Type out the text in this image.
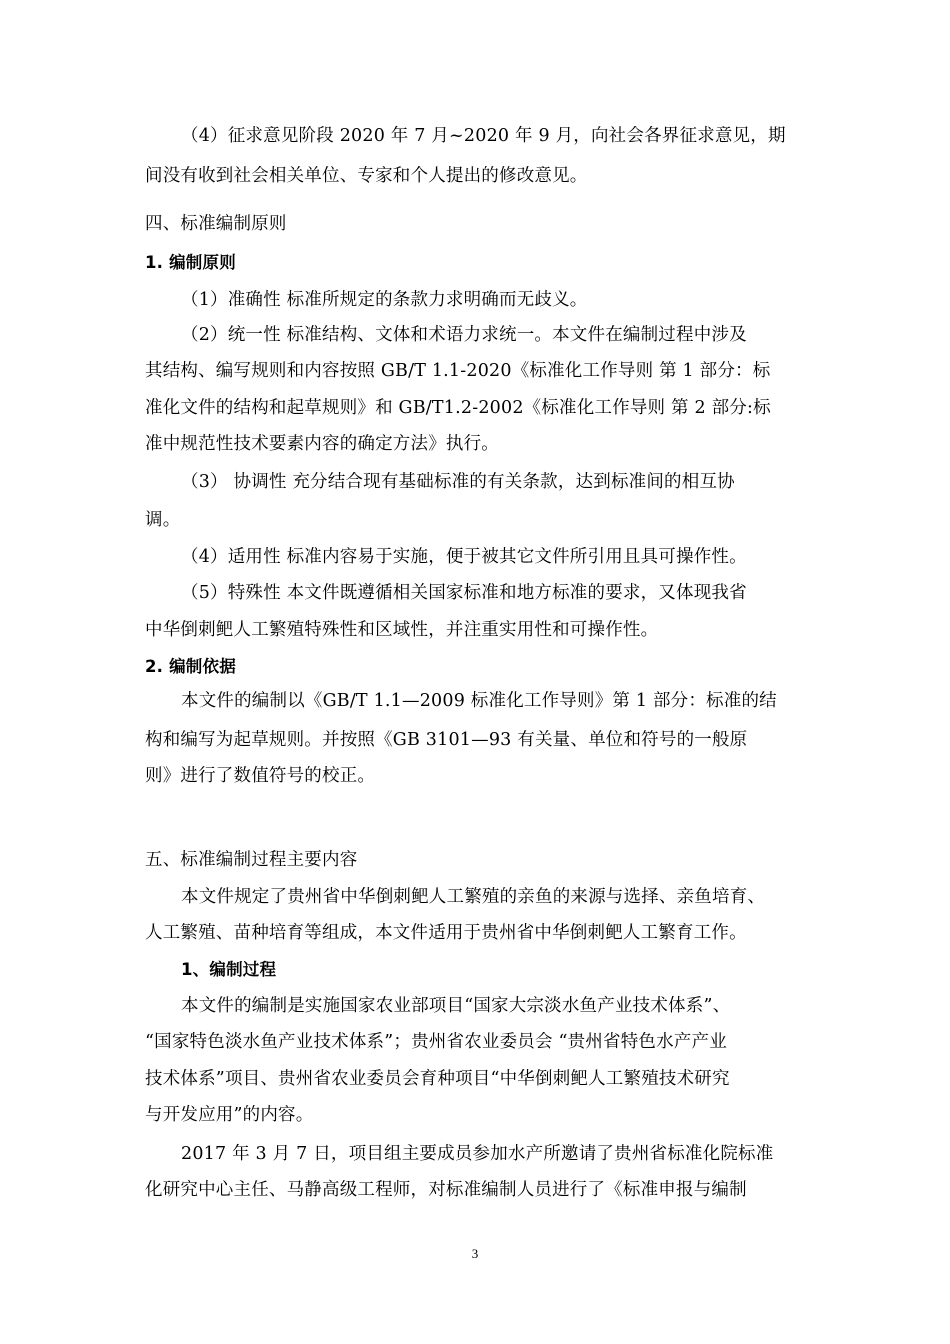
（4）征求意见阶段 2020 年 7 月~2020 年 9 月，向社会各界征求意见，期
间没有收到社会相关单位、专家和个人提出的修改意见。
四、标准编制原则
1. 编制原则
（1）准确性 标准所规定的条款力求明确而无歧义。
（2）统一性 标准结构、文体和术语力求统一。本文件在编制过程中涉及
其结构、编写规则和内容按照 GB/T 1.1-2020《标准化工作导则 第 1 部分：标
准化文件的结构和起草规则》和 GB/T1.2-2002《标准化工作导则 第 2 部分:标
准中规范性技术要素内容的确定方法》执行。
（3） 协调性 充分结合现有基础标准的有关条款，达到标准间的相互协
调。
（4）适用性 标准内容易于实施，便于被其它文件所引用且具可操作性。
（5）特殊性 本文件既遵循相关国家标准和地方标准的要求，又体现我省
中华倒刺鲃人工繁殖特殊性和区域性，并注重实用性和可操作性。
2. 编制依据
本文件的编制以《GB/T 1.1—2009 标准化工作导则》第 1 部分：标准的结
构和编写为起草规则。并按照《GB 3101—93 有关量、单位和符号的一般原
则》进行了数值符号的校正。
五、标准编制过程主要内容
本文件规定了贵州省中华倒刺鲃人工繁殖的亲鱼的来源与选择、亲鱼培育、
人工繁殖、苗种培育等组成，本文件适用于贵州省中华倒刺鲃人工繁育工作。
1、编制过程
本文件的编制是实施国家农业部项目“国家大宗淡水鱼产业技术体系”、
“国家特色淡水鱼产业技术体系”；贵州省农业委员会 “贵州省特色水产产业
技术体系”项目、贵州省农业委员会育种项目“中华倒刺鲃人工繁殖技术研究
与开发应用”的内容。
2017 年 3 月 7 日，项目组主要成员参加水产所邀请了贵州省标准化院标准
化研究中心主任、马静高级工程师，对标准编制人员进行了《标准申报与编制
3
